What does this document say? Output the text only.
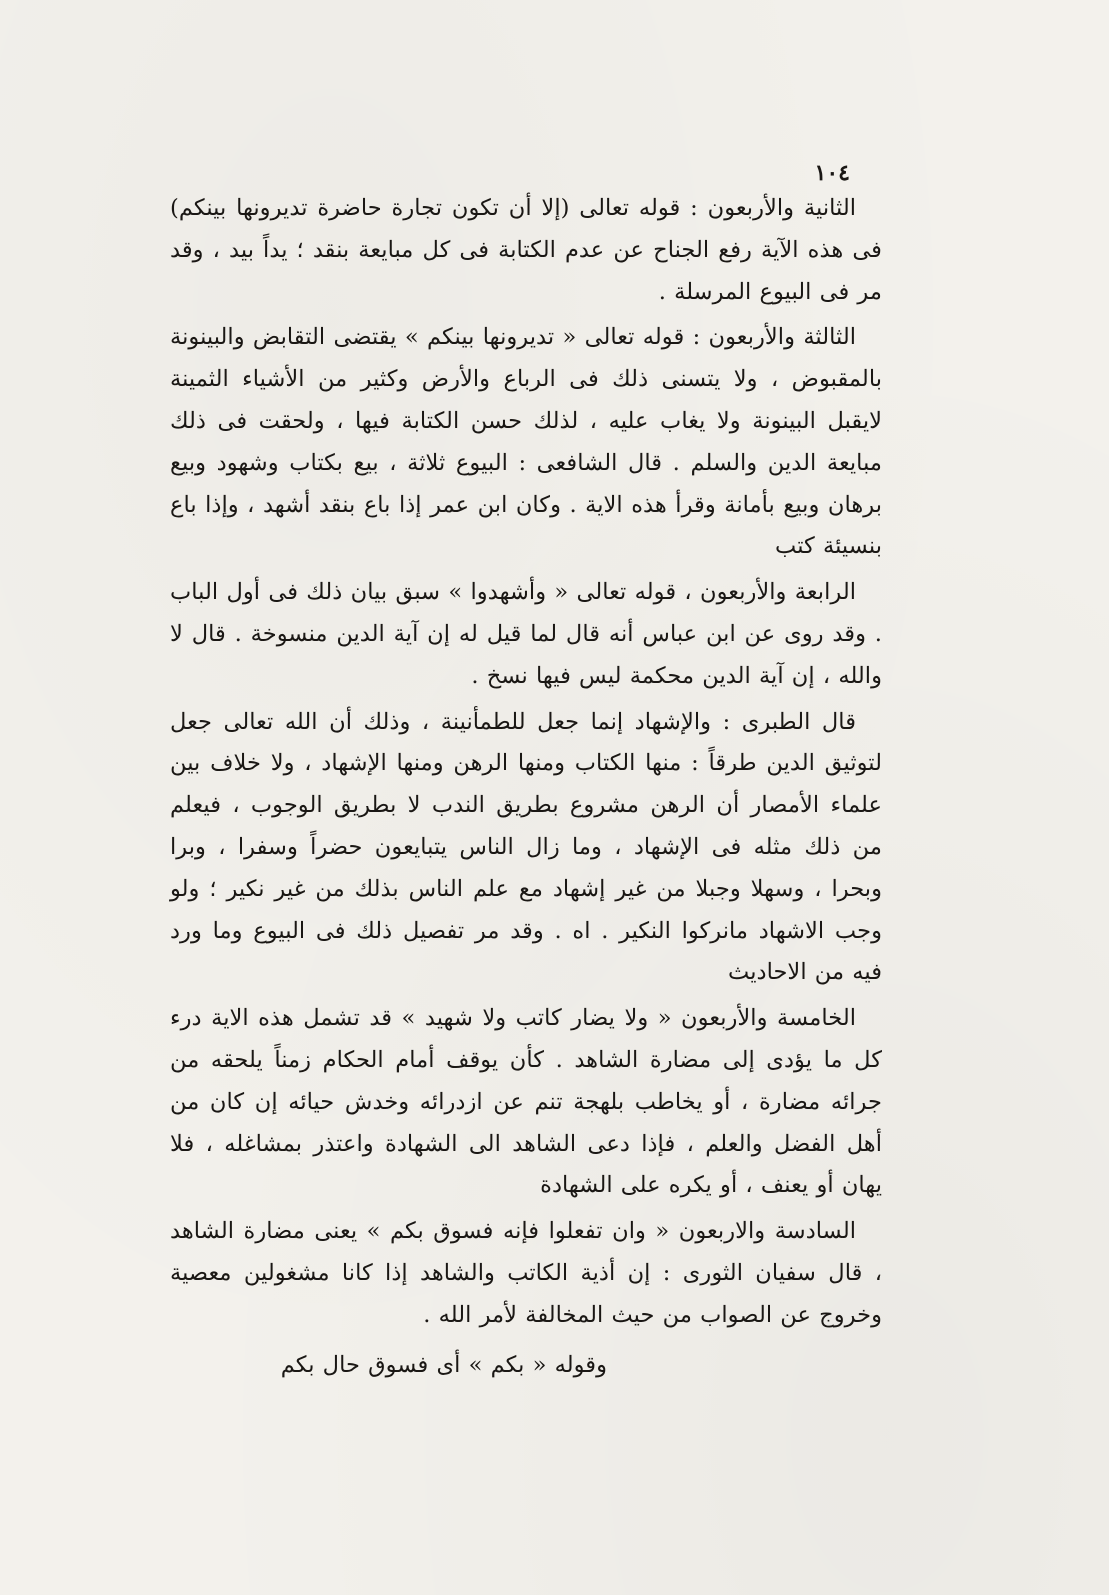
١٠٤

الثانية والأربعون : قوله تعالى (إلا أن تكون تجارة حاضرة تديرونها بينكم) فى هذه الآية رفع الجناح عن عدم الكتابة فى كل مبايعة بنقد ؛ يداً بيد ، وقد مر فى البيوع المرسلة .

الثالثة والأربعون : قوله تعالى « تديرونها بينكم » يقتضى التقابض والبينونة بالمقبوض ، ولا يتسنى ذلك فى الرباع والأرض وكثير من الأشياء الثمينة لايقبل البينونة ولا يغاب عليه ، لذلك حسن الكتابة فيها ، ولحقت فى ذلك مبايعة الدين والسلم . قال الشافعى : البيوع ثلاثة ، بيع بكتاب وشهود وبيع برهان وبيع بأمانة وقرأ هذه الاية . وكان ابن عمر إذا باع بنقد أشهد ، وإذا باع بنسيئة كتب

الرابعة والأربعون ، قوله تعالى « وأشهدوا » سبق بيان ذلك فى أول الباب . وقد روى عن ابن عباس أنه قال لما قيل له إن آية الدين منسوخة . قال لا والله ، إن آية الدين محكمة ليس فيها نسخ .

قال الطبرى : والإشهاد إنما جعل للطمأنينة ، وذلك أن الله تعالى جعل لتوثيق الدين طرقاً : منها الكتاب ومنها الرهن ومنها الإشهاد ، ولا خلاف بين علماء الأمصار أن الرهن مشروع بطريق الندب لا بطريق الوجوب ، فيعلم من ذلك مثله فى الإشهاد ، وما زال الناس يتبايعون حضراً وسفرا ، وبرا وبحرا ، وسهلا وجبلا من غير إشهاد مع علم الناس بذلك من غير نكير ؛ ولو وجب الاشهاد مانركوا النكير . اه . وقد مر تفصيل ذلك فى البيوع وما ورد فيه من الاحاديث

الخامسة والأربعون « ولا يضار كاتب ولا شهيد » قد تشمل هذه الاية درء كل ما يؤدى إلى مضارة الشاهد . كأن يوقف أمام الحكام زمناً يلحقه من جرائه مضارة ، أو يخاطب بلهجة تنم عن ازدرائه وخدش حيائه إن كان من أهل الفضل والعلم ، فإذا دعى الشاهد الى الشهادة واعتذر بمشاغله ، فلا يهان أو يعنف ، أو يكره على الشهادة

السادسة والاربعون « وان تفعلوا فإنه فسوق بكم » يعنى مضارة الشاهد ، قال سفيان الثورى : إن أذية الكاتب والشاهد إذا كانا مشغولين معصية وخروج عن الصواب من حيث المخالفة لأمر الله .

وقوله « بكم » أى فسوق حال بكم
